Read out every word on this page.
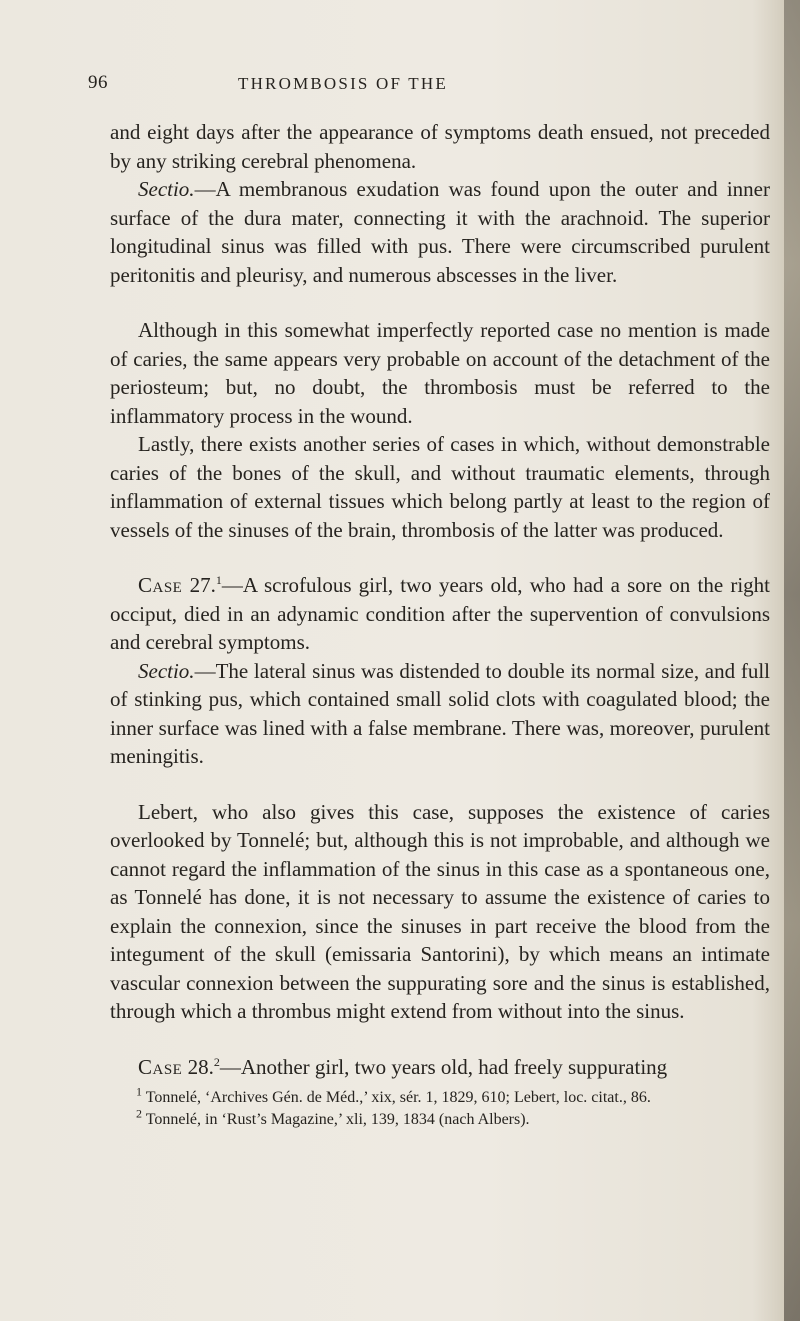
96	THROMBOSIS OF THE

and eight days after the appearance of symptoms death ensued, not preceded by any striking cerebral phenomena.

Sectio.—A membranous exudation was found upon the outer and inner surface of the dura mater, connecting it with the arachnoid. The superior longitudinal sinus was filled with pus. There were circumscribed purulent peritonitis and pleurisy, and numerous abscesses in the liver.

Although in this somewhat imperfectly reported case no mention is made of caries, the same appears very probable on account of the detachment of the periosteum; but, no doubt, the thrombosis must be referred to the inflammatory process in the wound.

Lastly, there exists another series of cases in which, without demonstrable caries of the bones of the skull, and without traumatic elements, through inflammation of external tissues which belong partly at least to the region of vessels of the sinuses of the brain, thrombosis of the latter was produced.

Case 27.$^1$—A scrofulous girl, two years old, who had a sore on the right occiput, died in an adynamic condition after the supervention of convulsions and cerebral symptoms.

Sectio.—The lateral sinus was distended to double its normal size, and full of stinking pus, which contained small solid clots with coagulated blood; the inner surface was lined with a false membrane. There was, moreover, purulent meningitis.

Lebert, who also gives this case, supposes the existence of caries overlooked by Tonnelé; but, although this is not improbable, and although we cannot regard the inflammation of the sinus in this case as a spontaneous one, as Tonnelé has done, it is not necessary to assume the existence of caries to explain the connexion, since the sinuses in part receive the blood from the integument of the skull (emissaria Santorini), by which means an intimate vascular connexion between the suppurating sore and the sinus is established, through which a thrombus might extend from without into the sinus.

Case 28.$^2$—Another girl, two years old, had freely suppurating

$^1$ Tonnelé, ‘Archives Gén. de Méd.,’ xix, sér. 1, 1829, 610; Lebert, loc. citat., 86.

$^2$ Tonnelé, in ‘Rust’s Magazine,’ xli, 139, 1834 (nach Albers).
